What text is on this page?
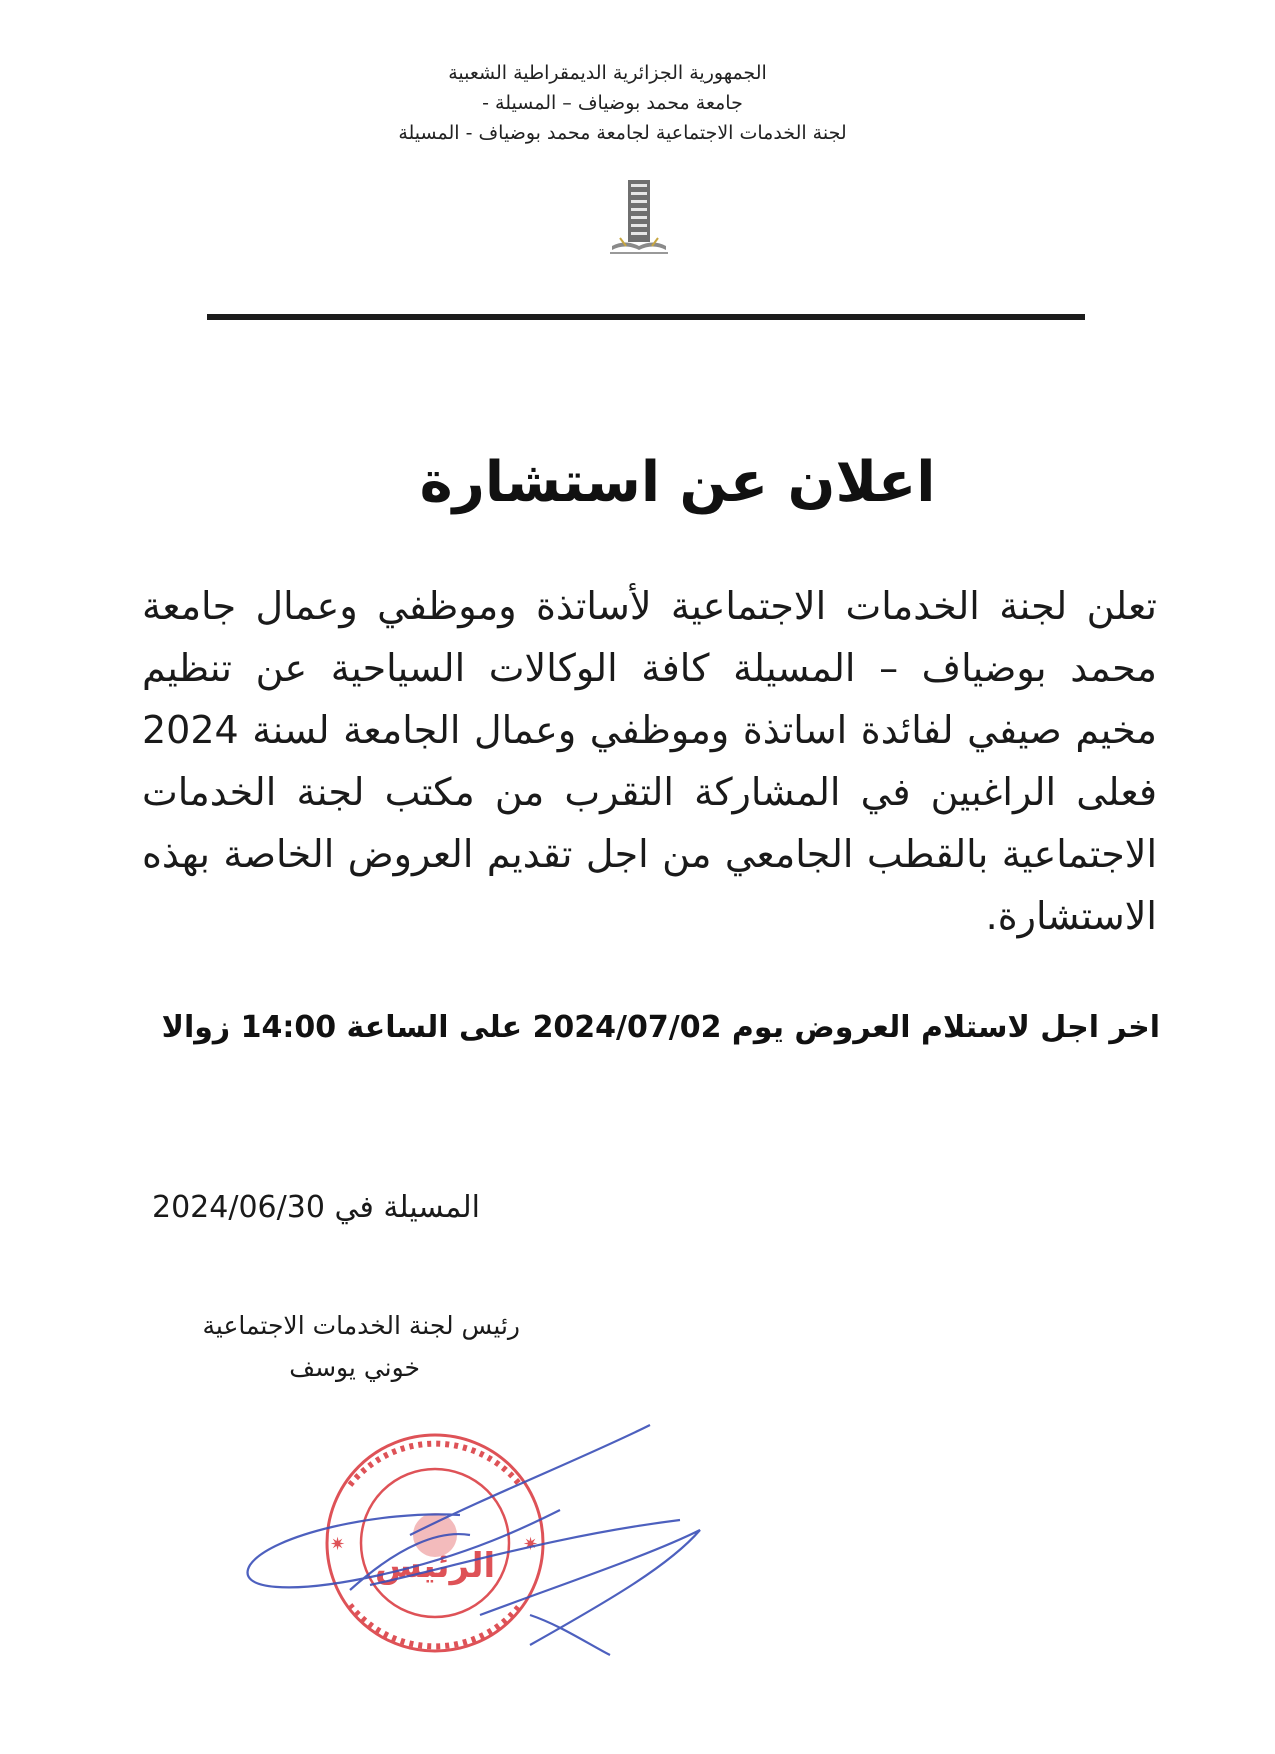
الجمهورية الجزائرية الديمقراطية الشعبية
جامعة محمد بوضياف – المسيلة -
لجنة الخدمات الاجتماعية لجامعة محمد بوضياف - المسيلة
اعلان عن استشارة
تعلن لجنة الخدمات الاجتماعية لأساتذة وموظفي وعمال جامعة محمد بوضياف – المسيلة كافة الوكالات السياحية عن تنظيم مخيم صيفي لفائدة اساتذة وموظفي وعمال الجامعة لسنة 2024 فعلى الراغبين في المشاركة التقرب من مكتب لجنة الخدمات الاجتماعية بالقطب الجامعي من اجل تقديم العروض الخاصة بهذه الاستشارة.
اخر اجل لاستلام العروض يوم 2024/07/02 على الساعة 14:00 زوالا
المسيلة في 2024/06/30
رئيس لجنة الخدمات الاجتماعية
خوني يوسف
الرئيس
✷	✷
